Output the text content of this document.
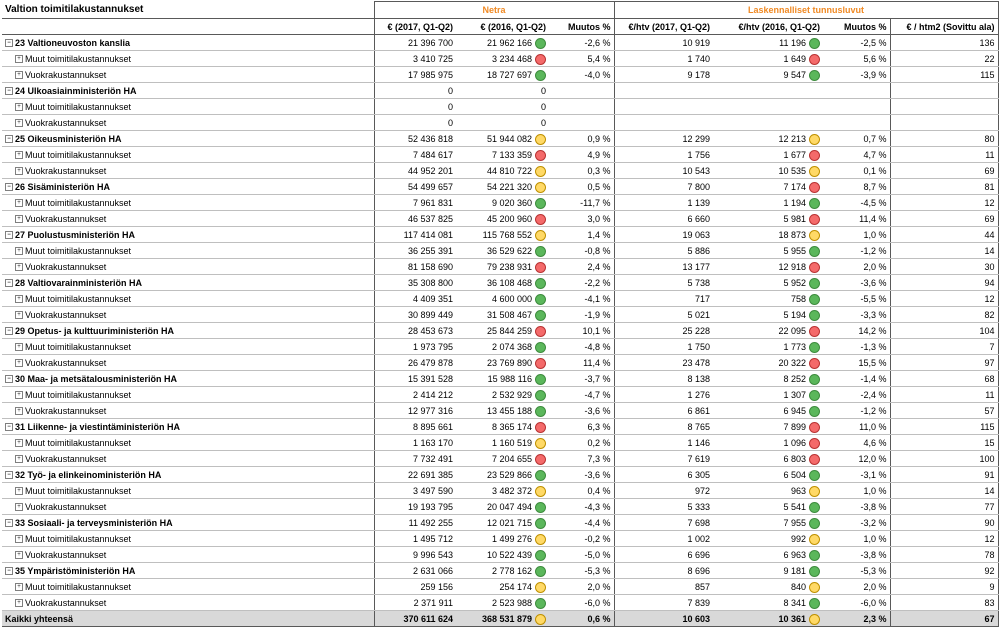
Valtion toimitilakustannukset	Netra			Laskennalliset tunnusluvut			
	€ (2017, Q1-Q2)	€ (2016, Q1-Q2)	Muutos %	€/htv (2017, Q1-Q2)	€/htv (2016, Q1-Q2)	Muutos %	€ / htm2 (Sovittu ala)
− 23 Valtioneuvoston kanslia	21 396 700	21 962 166	-2,6 %	10 919	11 196	-2,5 %	136
+ Muut toimitilakustannukset	3 410 725	3 234 468	5,4 %	1 740	1 649	5,6 %	22
+ Vuokrakustannukset	17 985 975	18 727 697	-4,0 %	9 178	9 547	-3,9 %	115
− 24 Ulkoasiainministeriön HA	0	0					
+ Muut toimitilakustannukset	0	0					
+ Vuokrakustannukset	0	0					
− 25 Oikeusministeriön HA	52 436 818	51 944 082	0,9 %	12 299	12 213	0,7 %	80
+ Muut toimitilakustannukset	7 484 617	7 133 359	4,9 %	1 756	1 677	4,7 %	11
+ Vuokrakustannukset	44 952 201	44 810 722	0,3 %	10 543	10 535	0,1 %	69
− 26 Sisäministeriön HA	54 499 657	54 221 320	0,5 %	7 800	7 174	8,7 %	81
+ Muut toimitilakustannukset	7 961 831	9 020 360	-11,7 %	1 139	1 194	-4,5 %	12
+ Vuokrakustannukset	46 537 825	45 200 960	3,0 %	6 660	5 981	11,4 %	69
− 27 Puolustusministeriön HA	117 414 081	115 768 552	1,4 %	19 063	18 873	1,0 %	44
+ Muut toimitilakustannukset	36 255 391	36 529 622	-0,8 %	5 886	5 955	-1,2 %	14
+ Vuokrakustannukset	81 158 690	79 238 931	2,4 %	13 177	12 918	2,0 %	30
− 28 Valtiovarainministeriön HA	35 308 800	36 108 468	-2,2 %	5 738	5 952	-3,6 %	94
+ Muut toimitilakustannukset	4 409 351	4 600 000	-4,1 %	717	758	-5,5 %	12
+ Vuokrakustannukset	30 899 449	31 508 467	-1,9 %	5 021	5 194	-3,3 %	82
− 29 Opetus- ja kulttuuriministeriön HA	28 453 673	25 844 259	10,1 %	25 228	22 095	14,2 %	104
+ Muut toimitilakustannukset	1 973 795	2 074 368	-4,8 %	1 750	1 773	-1,3 %	7
+ Vuokrakustannukset	26 479 878	23 769 890	11,4 %	23 478	20 322	15,5 %	97
− 30 Maa- ja metsätalousministeriön HA	15 391 528	15 988 116	-3,7 %	8 138	8 252	-1,4 %	68
+ Muut toimitilakustannukset	2 414 212	2 532 929	-4,7 %	1 276	1 307	-2,4 %	11
+ Vuokrakustannukset	12 977 316	13 455 188	-3,6 %	6 861	6 945	-1,2 %	57
− 31 Liikenne- ja viestintäministeriön HA	8 895 661	8 365 174	6,3 %	8 765	7 899	11,0 %	115
+ Muut toimitilakustannukset	1 163 170	1 160 519	0,2 %	1 146	1 096	4,6 %	15
+ Vuokrakustannukset	7 732 491	7 204 655	7,3 %	7 619	6 803	12,0 %	100
− 32 Työ- ja elinkeinoministeriön HA	22 691 385	23 529 866	-3,6 %	6 305	6 504	-3,1 %	91
+ Muut toimitilakustannukset	3 497 590	3 482 372	0,4 %	972	963	1,0 %	14
+ Vuokrakustannukset	19 193 795	20 047 494	-4,3 %	5 333	5 541	-3,8 %	77
− 33 Sosiaali- ja terveysministeriön HA	11 492 255	12 021 715	-4,4 %	7 698	7 955	-3,2 %	90
+ Muut toimitilakustannukset	1 495 712	1 499 276	-0,2 %	1 002	992	1,0 %	12
+ Vuokrakustannukset	9 996 543	10 522 439	-5,0 %	6 696	6 963	-3,8 %	78
− 35 Ympäristöministeriön HA	2 631 066	2 778 162	-5,3 %	8 696	9 181	-5,3 %	92
+ Muut toimitilakustannukset	259 156	254 174	2,0 %	857	840	2,0 %	9
+ Vuokrakustannukset	2 371 911	2 523 988	-6,0 %	7 839	8 341	-6,0 %	83
Kaikki yhteensä	370 611 624	368 531 879	0,6 %	10 603	10 361	2,3 %	67
